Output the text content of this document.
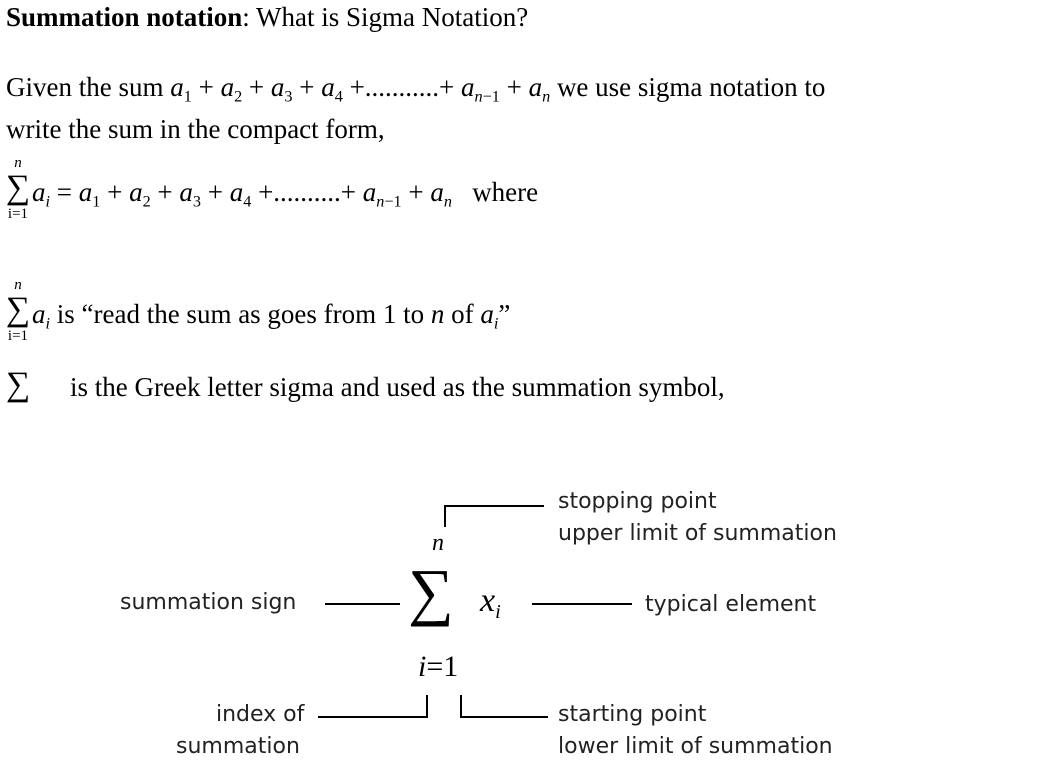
Summation notation: What is Sigma Notation?
Given the sum $a_1 + a_2 + a_3 + a_4$ +...........+ $a_{n-1} + a_n$ we use sigma notation to
write the sum in the compact form,
n
∑
i=1
$a_i = a_1 + a_2 + a_3 + a_4$ +..........+ $a_{n-1} + a_n$ where
n
∑
i=1
$a_i$ is “read the sum as goes from 1 to n of $a_i$”
∑ is the Greek letter sigma and used as the summation symbol,
stopping point
upper limit of summation
n
∑ $x_i$
summation sign	typical element
i=1
index of
summation
starting point
lower limit of summation
